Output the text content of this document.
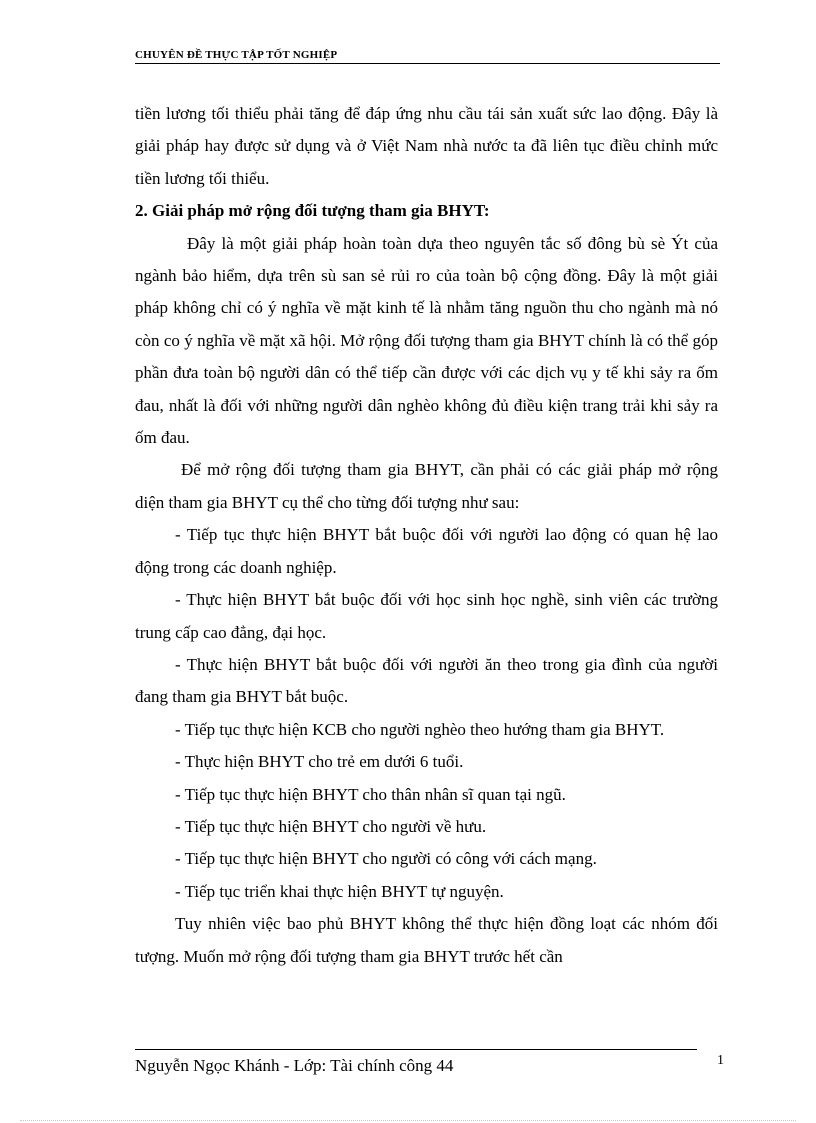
CHUYÊN ĐỀ THỰC TẬP TỐT NGHIỆP

tiền lương tối thiểu phải tăng để đáp ứng nhu cầu tái sản xuất sức lao động. Đây là giải pháp hay được sử dụng và ở Việt Nam nhà nước ta đã liên tục điều chỉnh mức tiền lương tối thiểu.

2. Giải pháp mở rộng đối tượng tham gia BHYT:

Đây là một giải pháp hoàn toàn dựa theo nguyên tắc số đông bù sè Ýt của ngành bảo hiểm, dựa trên sù san sẻ rủi ro của toàn bộ cộng đồng. Đây là một giải pháp không chỉ có ý nghĩa về mặt kinh tế là nhằm tăng nguồn thu cho ngành mà nó còn co ý nghĩa về mặt xã hội. Mở rộng đối tượng tham gia BHYT chính là có thể góp phần đưa toàn bộ người dân có thể tiếp cần được với các dịch vụ y tế khi sảy ra ốm đau, nhất là đối với những người dân nghèo không đủ điều kiện trang trải khi sảy ra ốm đau.

Để mở rộng đối tượng tham gia BHYT, cần phải có các giải pháp mở rộng diện tham gia BHYT cụ thể cho từng đối tượng như sau:

- Tiếp tục thực hiện BHYT bắt buộc đối với người lao động có quan hệ lao động trong các doanh nghiệp.

- Thực hiện BHYT bắt buộc đối với học sinh học nghề, sinh viên các trường trung cấp cao đẳng, đại học.

- Thực hiện BHYT bắt buộc đối với người ăn theo trong gia đình của người đang tham gia BHYT bắt buộc.

- Tiếp tục thực hiện KCB cho người nghèo theo hướng tham gia BHYT.

- Thực hiện BHYT cho trẻ em dưới 6 tuổi.

- Tiếp tục thực hiện BHYT cho thân nhân sĩ quan tại ngũ.

- Tiếp tục thực hiện BHYT cho người về hưu.

- Tiếp tục thực hiện BHYT cho người có công với cách mạng.

- Tiếp tục triển khai thực hiện BHYT tự nguyện.

Tuy nhiên việc bao phủ BHYT không thể thực hiện đồng loạt các nhóm đối tượng. Muốn mở rộng đối tượng tham gia BHYT trước hết cần

Nguyễn Ngọc Khánh - Lớp: Tài chính công 44	1
